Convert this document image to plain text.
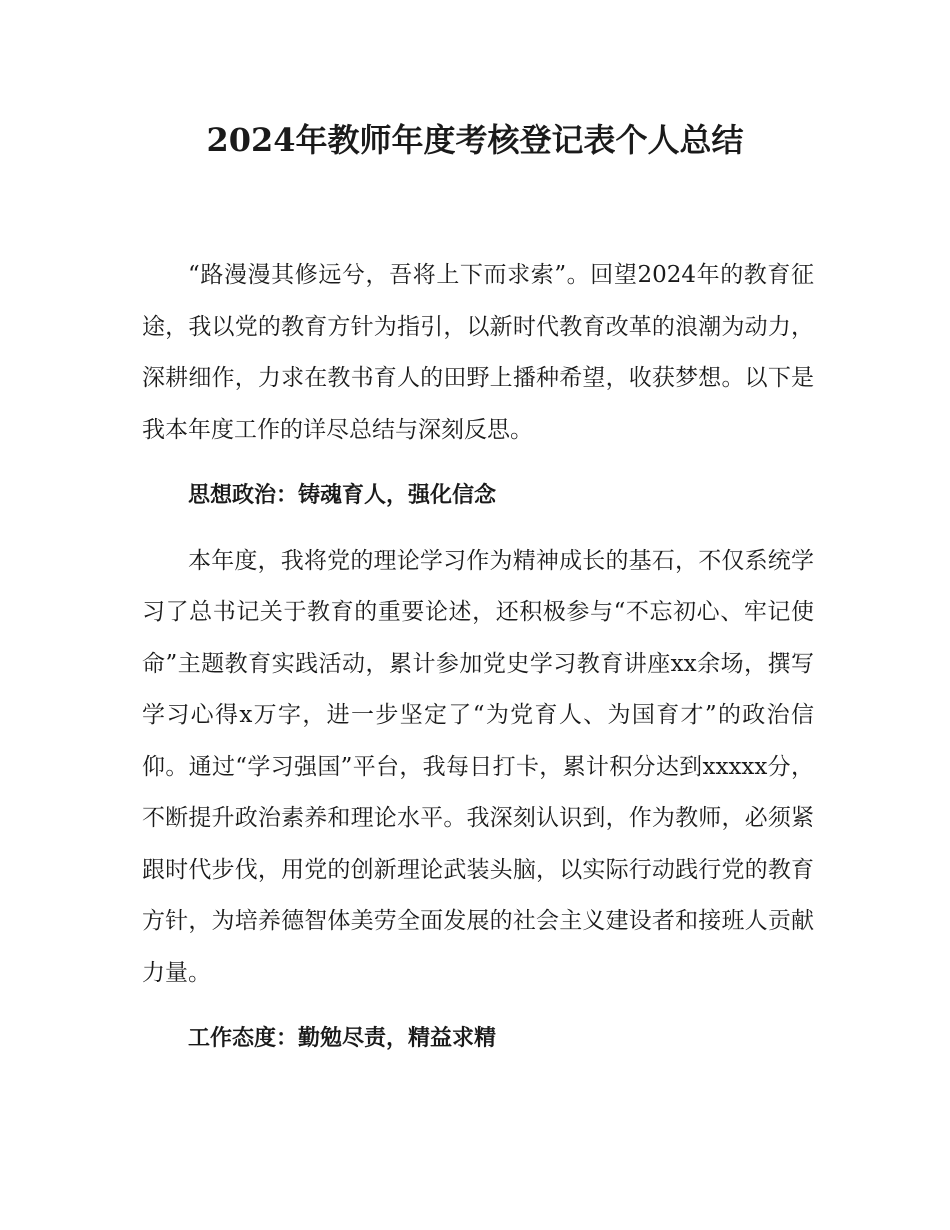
2024年教师年度考核登记表个人总结

“路漫漫其修远兮，吾将上下而求索”。回望2024年的教育征途，我以党的教育方针为指引，以新时代教育改革的浪潮为动力，深耕细作，力求在教书育人的田野上播种希望，收获梦想。以下是我本年度工作的详尽总结与深刻反思。

思想政治：铸魂育人，强化信念

本年度，我将党的理论学习作为精神成长的基石，不仅系统学习了总书记关于教育的重要论述，还积极参与“不忘初心、牢记使命”主题教育实践活动，累计参加党史学习教育讲座xx余场，撰写学习心得x万字，进一步坚定了“为党育人、为国育才”的政治信仰。通过“学习强国”平台，我每日打卡，累计积分达到xxxxx分，不断提升政治素养和理论水平。我深刻认识到，作为教师，必须紧跟时代步伐，用党的创新理论武装头脑，以实际行动践行党的教育方针，为培养德智体美劳全面发展的社会主义建设者和接班人贡献力量。

工作态度：勤勉尽责，精益求精
